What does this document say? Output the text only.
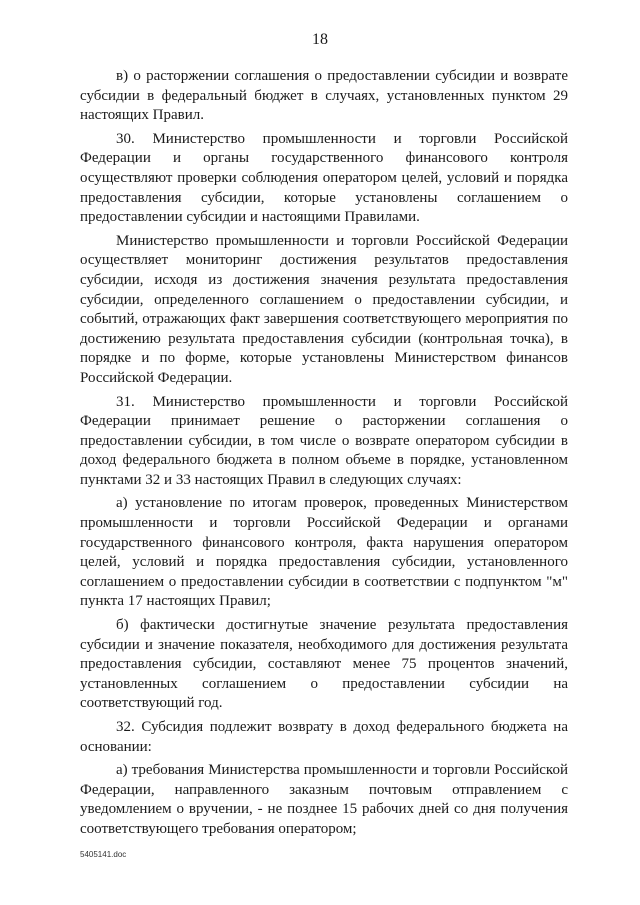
18

в) о расторжении соглашения о предоставлении субсидии и возврате субсидии в федеральный бюджет в случаях, установленных пунктом 29 настоящих Правил.

30. Министерство промышленности и торговли Российской Федерации и органы государственного финансового контроля осуществляют проверки соблюдения оператором целей, условий и порядка предоставления субсидии, которые установлены соглашением о предоставлении субсидии и настоящими Правилами.

Министерство промышленности и торговли Российской Федерации осуществляет мониторинг достижения результатов предоставления субсидии, исходя из достижения значения результата предоставления субсидии, определенного соглашением о предоставлении субсидии, и событий, отражающих факт завершения соответствующего мероприятия по достижению результата предоставления субсидии (контрольная точка), в порядке и по форме, которые установлены Министерством финансов Российской Федерации.

31. Министерство промышленности и торговли Российской Федерации принимает решение о расторжении соглашения о предоставлении субсидии, в том числе о возврате оператором субсидии в доход федерального бюджета в полном объеме в порядке, установленном пунктами 32 и 33 настоящих Правил в следующих случаях:

а) установление по итогам проверок, проведенных Министерством промышленности и торговли Российской Федерации и органами государственного финансового контроля, факта нарушения оператором целей, условий и порядка предоставления субсидии, установленного соглашением о предоставлении субсидии в соответствии с подпунктом "м" пункта 17 настоящих Правил;

б) фактически достигнутые значение результата предоставления субсидии и значение показателя, необходимого для достижения результата предоставления субсидии, составляют менее 75 процентов значений, установленных соглашением о предоставлении субсидии на соответствующий год.

32. Субсидия подлежит возврату в доход федерального бюджета на основании:

а) требования Министерства промышленности и торговли Российской Федерации, направленного заказным почтовым отправлением с уведомлением о вручении, - не позднее 15 рабочих дней со дня получения соответствующего требования оператором;

5405141.doc
